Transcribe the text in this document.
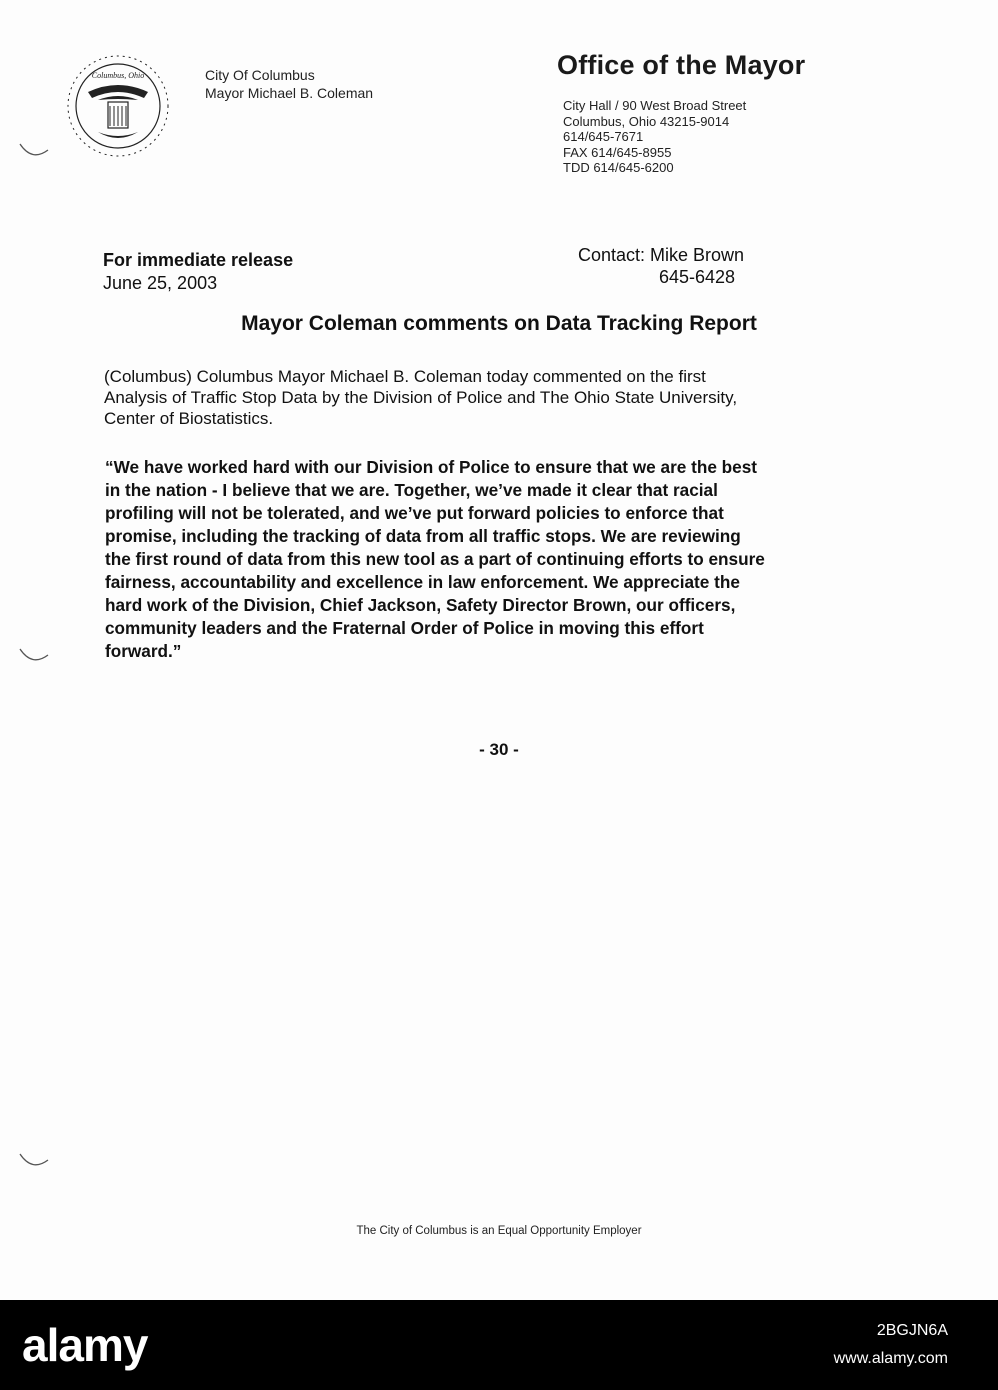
Columbus, Ohio	City Of Columbus
Mayor Michael B. Coleman
Office of the Mayor
City Hall / 90 West Broad Street
Columbus, Ohio 43215-9014
614/645-7671
FAX 614/645-8955
TDD 614/645-6200
For immediate release
June 25, 2003
Contact: Mike Brown
645-6428
Mayor Coleman comments on Data Tracking Report
(Columbus) Columbus Mayor Michael B. Coleman today commented on the first
Analysis of Traffic Stop Data by the Division of Police and The Ohio State University,
Center of Biostatistics.
“We have worked hard with our Division of Police to ensure that we are the best
in the nation - I believe that we are. Together, we’ve made it clear that racial
profiling will not be tolerated, and we’ve put forward policies to enforce that
promise, including the tracking of data from all traffic stops. We are reviewing
the first round of data from this new tool as a part of continuing efforts to ensure
fairness, accountability and excellence in law enforcement. We appreciate the
hard work of the Division, Chief Jackson, Safety Director Brown, our officers,
community leaders and the Fraternal Order of Police in moving this effort
forward.”
- 30 -
The City of Columbus is an Equal Opportunity Employer
alamy	2BGJN6A
www.alamy.com
